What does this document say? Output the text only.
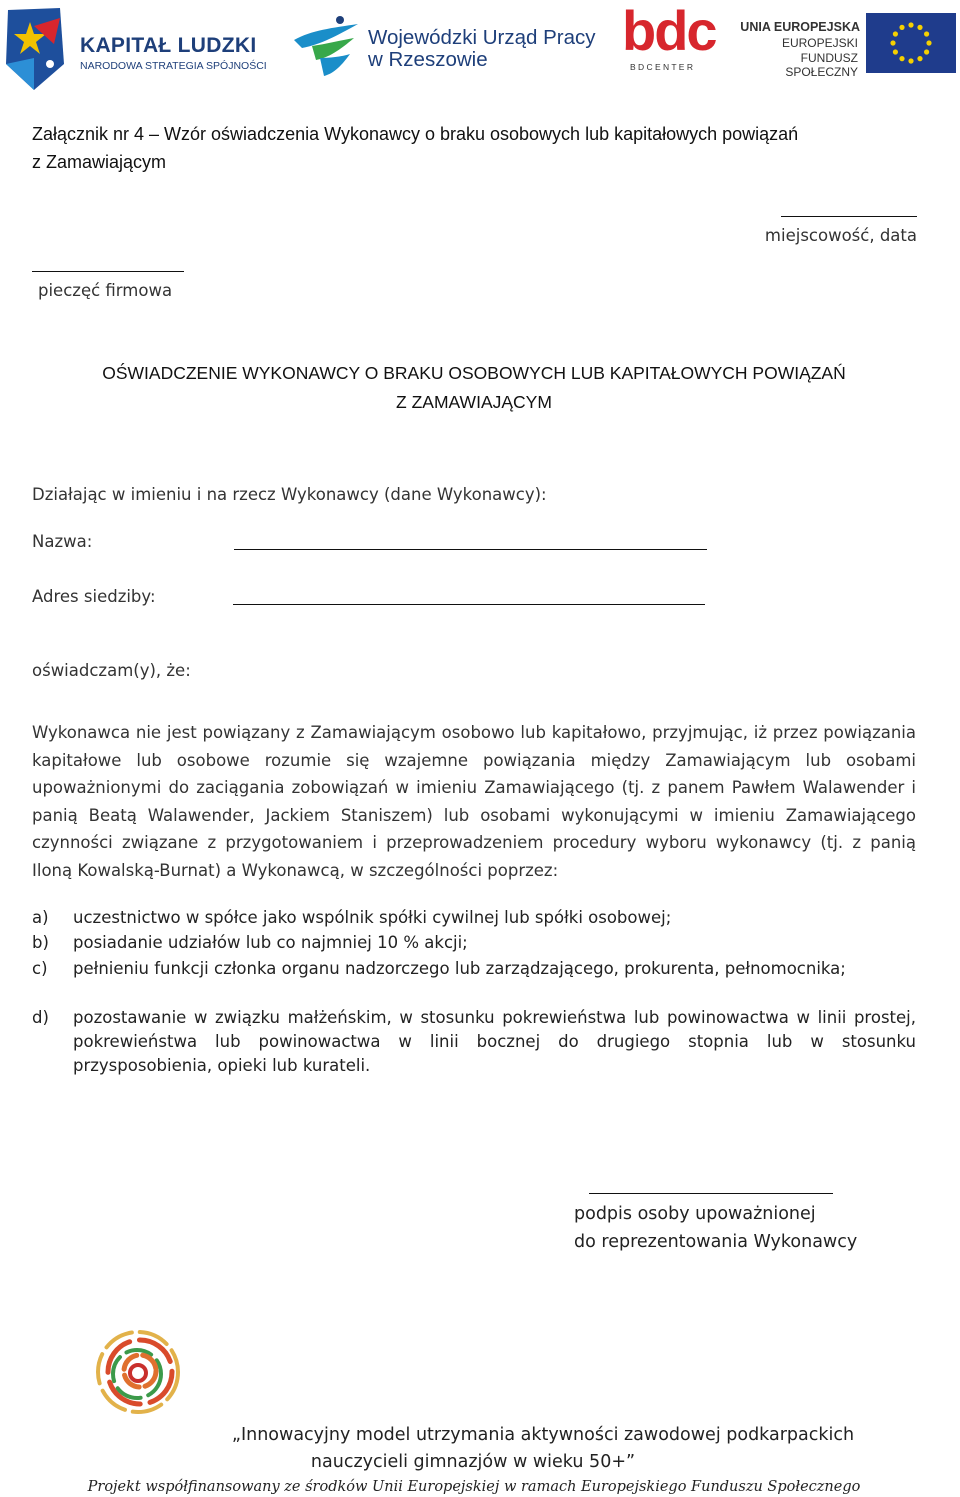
KAPITAŁ LUDZKI
NARODOWA STRATEGIA SPÓJNOŚCI
Wojewódzki Urząd Pracy
w Rzeszowie bdc
B D C E N T E R
UNIA EUROPEJSKA
EUROPEJSKI
FUNDUSZ SPOŁECZNY
Załącznik nr 4 – Wzór oświadczenia Wykonawcy o braku osobowych lub kapitałowych powiązań
z Zamawiającym
miejscowość, data
pieczęć firmowa
OŚWIADCZENIE WYKONAWCY O BRAKU OSOBOWYCH LUB KAPITAŁOWYCH POWIĄZAŃ
Z ZAMAWIAJĄCYM
Działając w imieniu i na rzecz Wykonawcy (dane Wykonawcy):
Nazwa:
Adres siedziby:
oświadczam(y), że:
Wykonawca nie jest powiązany z Zamawiającym osobowo lub kapitałowo, przyjmując, iż przez powiązania kapitałowe lub osobowe rozumie się wzajemne powiązania między Zamawiającym lub osobami upoważnionymi do zaciągania zobowiązań w imieniu Zamawiającego (tj. z panem Pawłem Walawender i panią Beatą Walawender, Jackiem Staniszem) lub osobami wykonującymi w imieniu Zamawiającego czynności związane z przygotowaniem i przeprowadzeniem procedury wyboru wykonawcy (tj. z panią Iloną Kowalską-Burnat) a Wykonawcą, w szczególności poprzez:
a)	uczestnictwo w spółce jako wspólnik spółki cywilnej lub spółki osobowej;
b)	posiadanie udziałów lub co najmniej 10 % akcji;
c)	pełnieniu funkcji członka organu nadzorczego lub zarządzającego, prokurenta, pełnomocnika;
d)	pozostawanie w związku małżeńskim, w stosunku pokrewieństwa lub powinowactwa w linii prostej, pokrewieństwa lub powinowactwa w linii bocznej do drugiego stopnia lub w stosunku przysposobienia, opieki lub kurateli.
podpis osoby upoważnionej
do reprezentowania Wykonawcy
„Innowacyjny model utrzymania aktywności zawodowej podkarpackich
nauczycieli gimnazjów w wieku 50+”
Projekt współfinansowany ze środków Unii Europejskiej w ramach Europejskiego Funduszu Społecznego
